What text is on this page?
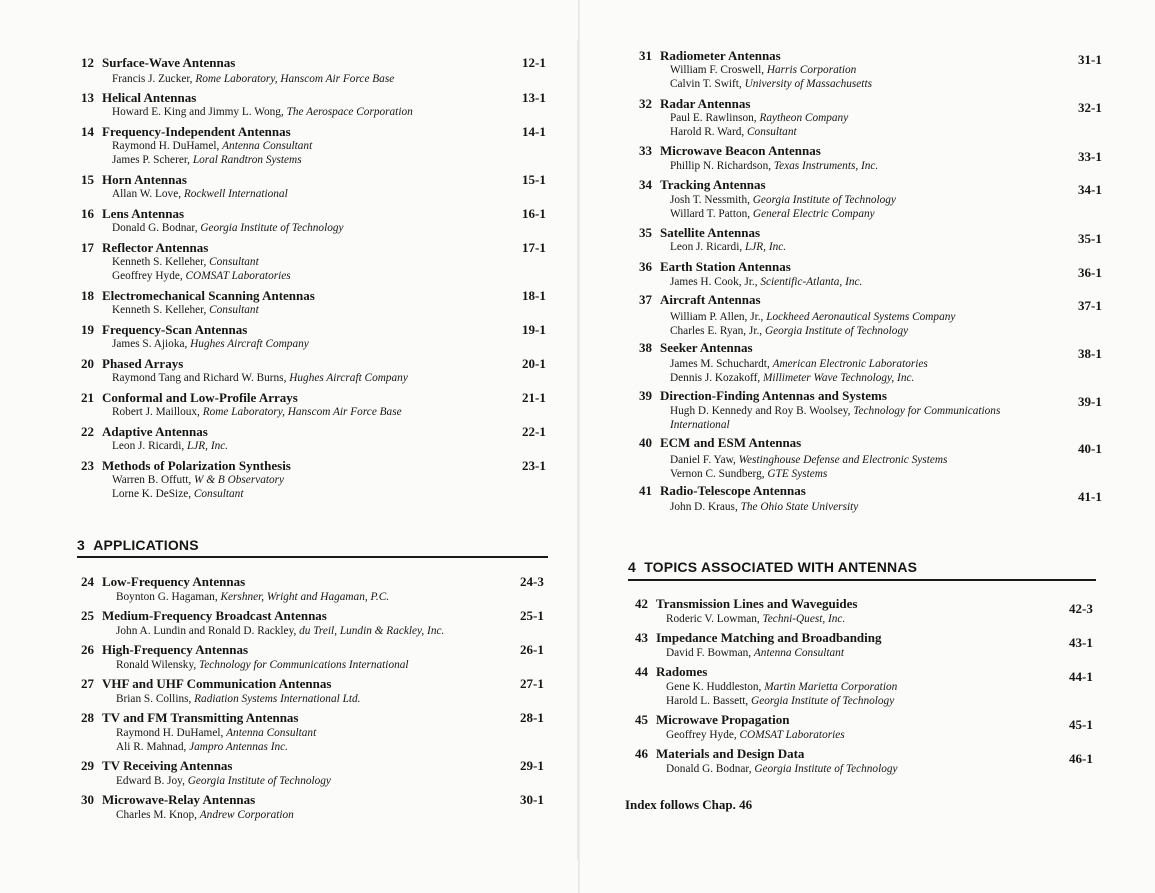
12 Surface-Wave Antennas	12-1
Francis J. Zucker, Rome Laboratory, Hanscom Air Force Base
13 Helical Antennas	13-1
Howard E. King and Jimmy L. Wong, The Aerospace Corporation
14 Frequency-Independent Antennas	14-1
Raymond H. DuHamel, Antenna Consultant
James P. Scherer, Loral Randtron Systems
15 Horn Antennas	15-1
Allan W. Love, Rockwell International
16 Lens Antennas	16-1
Donald G. Bodnar, Georgia Institute of Technology
17 Reflector Antennas	17-1
Kenneth S. Kelleher, Consultant
Geoffrey Hyde, COMSAT Laboratories
18 Electromechanical Scanning Antennas	18-1
Kenneth S. Kelleher, Consultant
19 Frequency-Scan Antennas	19-1
James S. Ajioka, Hughes Aircraft Company
20 Phased Arrays	20-1
Raymond Tang and Richard W. Burns, Hughes Aircraft Company
21 Conformal and Low-Profile Arrays	21-1
Robert J. Mailloux, Rome Laboratory, Hanscom Air Force Base
22 Adaptive Antennas	22-1
Leon J. Ricardi, LJR, Inc.
23 Methods of Polarization Synthesis	23-1
Warren B. Offutt, W & B Observatory
Lorne K. DeSize, Consultant
3 APPLICATIONS
24 Low-Frequency Antennas	24-3
Boynton G. Hagaman, Kershner, Wright and Hagaman, P.C.
25 Medium-Frequency Broadcast Antennas	25-1
John A. Lundin and Ronald D. Rackley, du Treil, Lundin & Rackley, Inc.
26 High-Frequency Antennas	26-1
Ronald Wilensky, Technology for Communications International
27 VHF and UHF Communication Antennas	27-1
Brian S. Collins, Radiation Systems International Ltd.
28 TV and FM Transmitting Antennas	28-1
Raymond H. DuHamel, Antenna Consultant
Ali R. Mahnad, Jampro Antennas Inc.
29 TV Receiving Antennas	29-1
Edward B. Joy, Georgia Institute of Technology
30 Microwave-Relay Antennas	30-1
Charles M. Knop, Andrew Corporation
31 Radiometer Antennas	31-1
William F. Croswell, Harris Corporation
Calvin T. Swift, University of Massachusetts
32 Radar Antennas	32-1
Paul E. Rawlinson, Raytheon Company
Harold R. Ward, Consultant
33 Microwave Beacon Antennas	33-1
Phillip N. Richardson, Texas Instruments, Inc.
34 Tracking Antennas	34-1
Josh T. Nessmith, Georgia Institute of Technology
Willard T. Patton, General Electric Company
35 Satellite Antennas	35-1
Leon J. Ricardi, LJR, Inc.
36 Earth Station Antennas	36-1
James H. Cook, Jr., Scientific-Atlanta, Inc.
37 Aircraft Antennas	37-1
William P. Allen, Jr., Lockheed Aeronautical Systems Company
Charles E. Ryan, Jr., Georgia Institute of Technology
38 Seeker Antennas	38-1
James M. Schuchardt, American Electronic Laboratories
Dennis J. Kozakoff, Millimeter Wave Technology, Inc.
39 Direction-Finding Antennas and Systems	39-1
Hugh D. Kennedy and Roy B. Woolsey, Technology for Communications
International
40 ECM and ESM Antennas	40-1
Daniel F. Yaw, Westinghouse Defense and Electronic Systems
Vernon C. Sundberg, GTE Systems
41 Radio-Telescope Antennas	41-1
John D. Kraus, The Ohio State University
4 TOPICS ASSOCIATED WITH ANTENNAS
42 Transmission Lines and Waveguides	42-3
Roderic V. Lowman, Techni-Quest, Inc.
43 Impedance Matching and Broadbanding	43-1
David F. Bowman, Antenna Consultant
44 Radomes	44-1
Gene K. Huddleston, Martin Marietta Corporation
Harold L. Bassett, Georgia Institute of Technology
45 Microwave Propagation	45-1
Geoffrey Hyde, COMSAT Laboratories
46 Materials and Design Data	46-1
Donald G. Bodnar, Georgia Institute of Technology
Index follows Chap. 46
